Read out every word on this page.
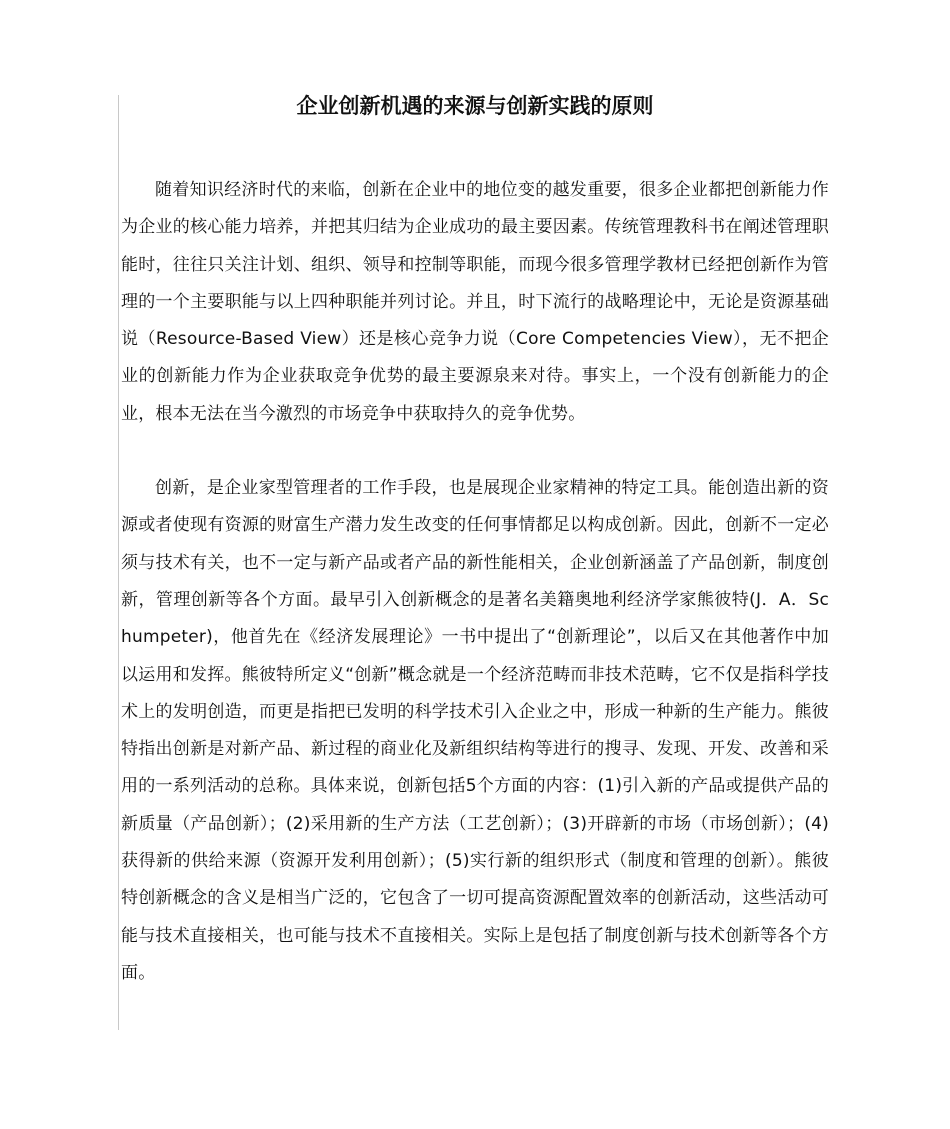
企业创新机遇的来源与创新实践的原则

随着知识经济时代的来临，创新在企业中的地位变的越发重要，很多企业都把创新能力作为企业的核心能力培养，并把其归结为企业成功的最主要因素。传统管理教科书在阐述管理职能时，往往只关注计划、组织、领导和控制等职能，而现今很多管理学教材已经把创新作为管理的一个主要职能与以上四种职能并列讨论。并且，时下流行的战略理论中，无论是资源基础说（Resource-Based View）还是核心竞争力说（Core Competencies View），无不把企业的创新能力作为企业获取竞争优势的最主要源泉来对待。事实上，一个没有创新能力的企业，根本无法在当今激烈的市场竞争中获取持久的竞争优势。

创新，是企业家型管理者的工作手段，也是展现企业家精神的特定工具。能创造出新的资源或者使现有资源的财富生产潜力发生改变的任何事情都足以构成创新。因此，创新不一定必须与技术有关，也不一定与新产品或者产品的新性能相关，企业创新涵盖了产品创新，制度创新，管理创新等各个方面。最早引入创新概念的是著名美籍奥地利经济学家熊彼特(J．A．Schumpeter)，他首先在《经济发展理论》一书中提出了“创新理论”，以后又在其他著作中加以运用和发挥。熊彼特所定义“创新”概念就是一个经济范畴而非技术范畴，它不仅是指科学技术上的发明创造，而更是指把已发明的科学技术引入企业之中，形成一种新的生产能力。熊彼特指出创新是对新产品、新过程的商业化及新组织结构等进行的搜寻、发现、开发、改善和采用的一系列活动的总称。具体来说，创新包括5个方面的内容：(1)引入新的产品或提供产品的新质量（产品创新）；(2)采用新的生产方法（工艺创新）；(3)开辟新的市场（市场创新）；(4)获得新的供给来源（资源开发利用创新）；(5)实行新的组织形式（制度和管理的创新）。熊彼特创新概念的含义是相当广泛的，它包含了一切可提高资源配置效率的创新活动，这些活动可能与技术直接相关，也可能与技术不直接相关。实际上是包括了制度创新与技术创新等各个方面。
